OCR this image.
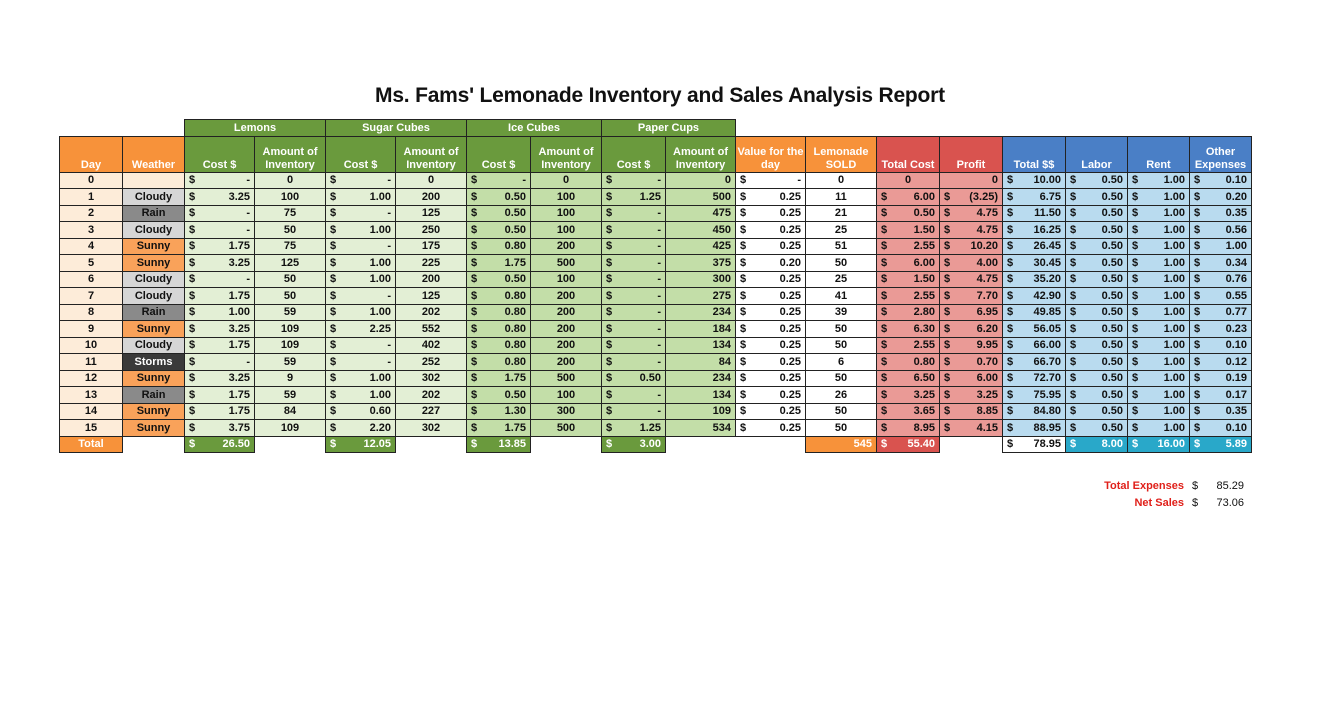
Ms. Fams' Lemonade Inventory and Sales Analysis Report
		Lemons		Sugar Cubes		Ice Cubes		Paper Cups									
Day	Weather	Cost $	Amount of Inventory	Cost $	Amount of Inventory	Cost $	Amount of Inventory	Cost $	Amount of Inventory	Value for the day	Lemonade SOLD	Total Cost	Profit	Total $$	Labor	Rent	Other Expenses
0		$ -	0	$ -	0	$ -	0	$ -	0	$ -	0	0	0	$ 10.00	$ 0.50	$ 1.00	$ 0.10

1	Cloudy	$ 3.25	100	$ 1.00	200	$ 0.50	100	$ 1.25	500	$ 0.25	11	$ 6.00	$ (3.25)	$ 6.75	$ 0.50	$ 1.00	$ 0.20

2	Rain	$ -	75	$ -	125	$ 0.50	100	$ -	475	$ 0.25	21	$ 0.50	$ 4.75	$ 11.50	$ 0.50	$ 1.00	$ 0.35

3	Cloudy	$ -	50	$ 1.00	250	$ 0.50	100	$ -	450	$ 0.25	25	$ 1.50	$ 4.75	$ 16.25	$ 0.50	$ 1.00	$ 0.56

4	Sunny	$ 1.75	75	$ -	175	$ 0.80	200	$ -	425	$ 0.25	51	$ 2.55	$ 10.20	$ 26.45	$ 0.50	$ 1.00	$ 1.00

5	Sunny	$ 3.25	125	$ 1.00	225	$ 1.75	500	$ -	375	$ 0.20	50	$ 6.00	$ 4.00	$ 30.45	$ 0.50	$ 1.00	$ 0.34

6	Cloudy	$ -	50	$ 1.00	200	$ 0.50	100	$ -	300	$ 0.25	25	$ 1.50	$ 4.75	$ 35.20	$ 0.50	$ 1.00	$ 0.76

7	Cloudy	$ 1.75	50	$ -	125	$ 0.80	200	$ -	275	$ 0.25	41	$ 2.55	$ 7.70	$ 42.90	$ 0.50	$ 1.00	$ 0.55

8	Rain	$ 1.00	59	$ 1.00	202	$ 0.80	200	$ -	234	$ 0.25	39	$ 2.80	$ 6.95	$ 49.85	$ 0.50	$ 1.00	$ 0.77

9	Sunny	$ 3.25	109	$ 2.25	552	$ 0.80	200	$ -	184	$ 0.25	50	$ 6.30	$ 6.20	$ 56.05	$ 0.50	$ 1.00	$ 0.23

10	Cloudy	$ 1.75	109	$ -	402	$ 0.80	200	$ -	134	$ 0.25	50	$ 2.55	$ 9.95	$ 66.00	$ 0.50	$ 1.00	$ 0.10

11	Storms	$ -	59	$ -	252	$ 0.80	200	$ -	84	$ 0.25	6	$ 0.80	$ 0.70	$ 66.70	$ 0.50	$ 1.00	$ 0.12

12	Sunny	$ 3.25	9	$ 1.00	302	$ 1.75	500	$ 0.50	234	$ 0.25	50	$ 6.50	$ 6.00	$ 72.70	$ 0.50	$ 1.00	$ 0.19

13	Rain	$ 1.75	59	$ 1.00	202	$ 0.50	100	$ -	134	$ 0.25	26	$ 3.25	$ 3.25	$ 75.95	$ 0.50	$ 1.00	$ 0.17

14	Sunny	$ 1.75	84	$ 0.60	227	$ 1.30	300	$ -	109	$ 0.25	50	$ 3.65	$ 8.85	$ 84.80	$ 0.50	$ 1.00	$ 0.35

15	Sunny	$ 3.75	109	$ 2.20	302	$ 1.75	500	$ 1.25	534	$ 0.25	50	$ 8.95	$ 4.15	$ 88.95	$ 0.50	$ 1.00	$ 0.10

Total		$ 26.50		$ 12.05		$ 13.85		$ 3.00			545	$ 55.40		$ 78.95	$ 8.00	$ 16.00	$ 5.89
Total Expenses $	85.29
Net Sales $	73.06
